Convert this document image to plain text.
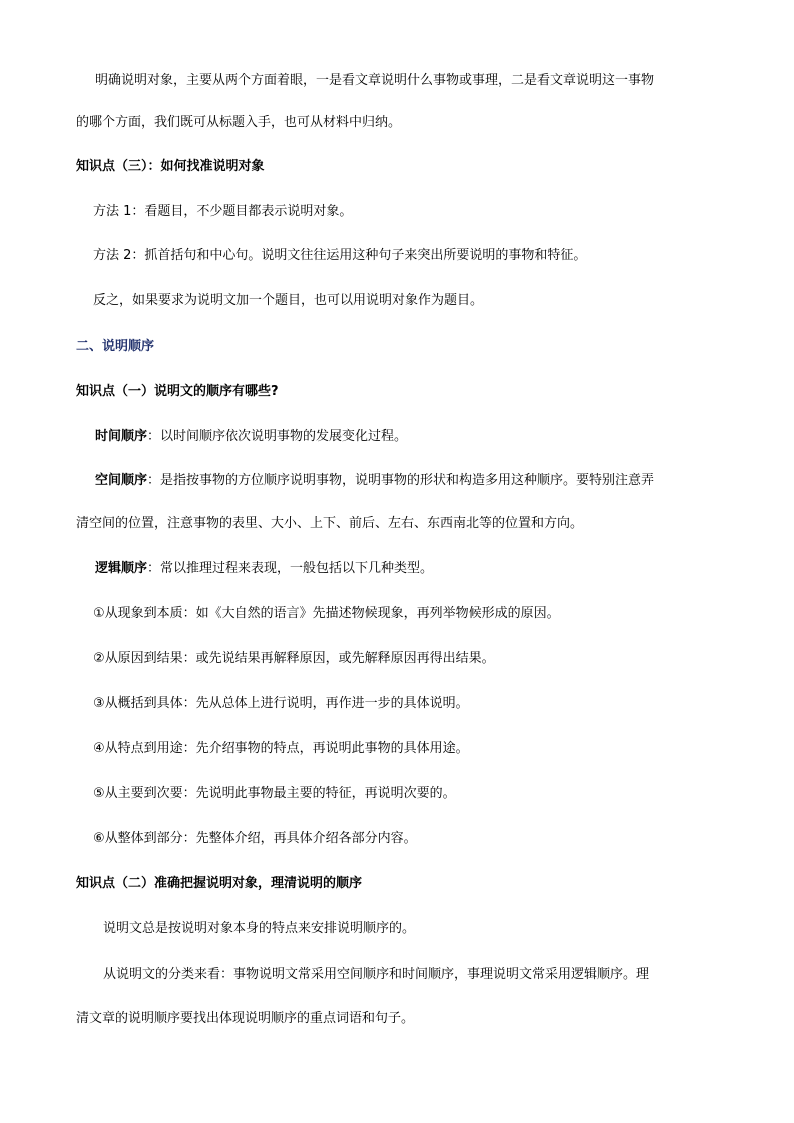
明确说明对象，主要从两个方面着眼，一是看文章说明什么事物或事理，二是看文章说明这一事物
的哪个方面，我们既可从标题入手，也可从材料中归纳。
知识点（三）：如何找准说明对象
方法 1：看题目，不少题目都表示说明对象。
方法 2：抓首括句和中心句。说明文往往运用这种句子来突出所要说明的事物和特征。
反之，如果要求为说明文加一个题目，也可以用说明对象作为题目。
二、说明顺序
知识点（一）说明文的顺序有哪些?
时间顺序：以时间顺序依次说明事物的发展变化过程。
空间顺序：是指按事物的方位顺序说明事物，说明事物的形状和构造多用这种顺序。要特别注意弄
清空间的位置，注意事物的表里、大小、上下、前后、左右、东西南北等的位置和方向。
逻辑顺序：常以推理过程来表现，一般包括以下几种类型。
①从现象到本质：如《大自然的语言》先描述物候现象，再列举物候形成的原因。
②从原因到结果：或先说结果再解释原因，或先解释原因再得出结果。
③从概括到具体：先从总体上进行说明，再作进一步的具体说明。
④从特点到用途：先介绍事物的特点，再说明此事物的具体用途。
⑤从主要到次要：先说明此事物最主要的特征，再说明次要的。
⑥从整体到部分：先整体介绍，再具体介绍各部分内容。
知识点（二）准确把握说明对象，理清说明的顺序
说明文总是按说明对象本身的特点来安排说明顺序的。
从说明文的分类来看：事物说明文常采用空间顺序和时间顺序，事理说明文常采用逻辑顺序。理
清文章的说明顺序要找出体现说明顺序的重点词语和句子。
